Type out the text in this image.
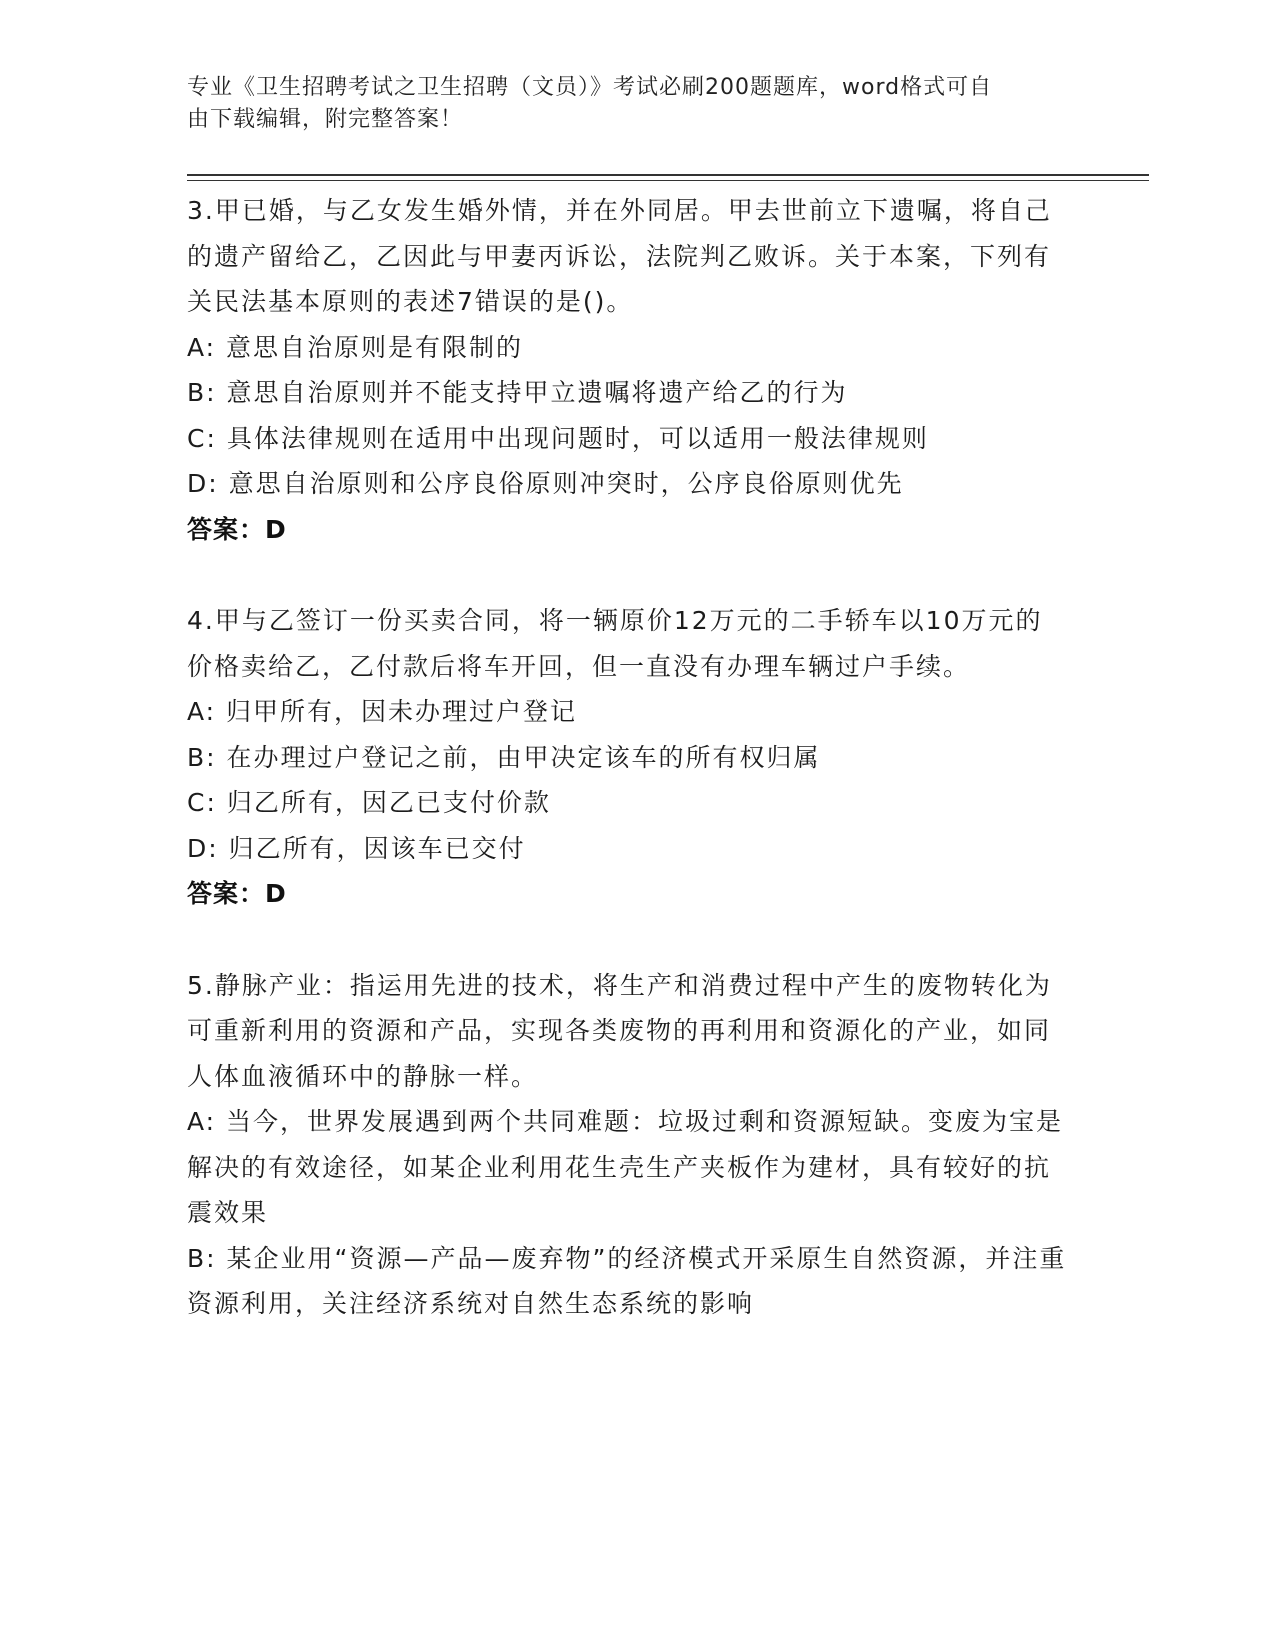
专业《卫生招聘考试之卫生招聘（文员）》考试必刷200题题库，word格式可自
由下载编辑，附完整答案！

3.甲已婚，与乙女发生婚外情，并在外同居。甲去世前立下遗嘱，将自己的遗产留给乙，乙因此与甲妻丙诉讼，法院判乙败诉。关于本案，下列有关民法基本原则的表述7错误的是()。

A: 意思自治原则是有限制的

B: 意思自治原则并不能支持甲立遗嘱将遗产给乙的行为

C: 具体法律规则在适用中出现问题时，可以适用一般法律规则

D: 意思自治原则和公序良俗原则冲突时，公序良俗原则优先

答案：D

4.甲与乙签订一份买卖合同，将一辆原价12万元的二手轿车以10万元的价格卖给乙，乙付款后将车开回，但一直没有办理车辆过户手续。

A: 归甲所有，因未办理过户登记

B: 在办理过户登记之前，由甲决定该车的所有权归属

C: 归乙所有，因乙已支付价款

D: 归乙所有，因该车已交付

答案：D

5.静脉产业：指运用先进的技术，将生产和消费过程中产生的废物转化为可重新利用的资源和产品，实现各类废物的再利用和资源化的产业，如同人体血液循环中的静脉一样。

A: 当今，世界发展遇到两个共同难题：垃圾过剩和资源短缺。变废为宝是解决的有效途径，如某企业利用花生壳生产夹板作为建材，具有较好的抗震效果

B: 某企业用“资源—产品—废弃物”的经济模式开采原生自然资源，并注重资源利用，关注经济系统对自然生态系统的影响
